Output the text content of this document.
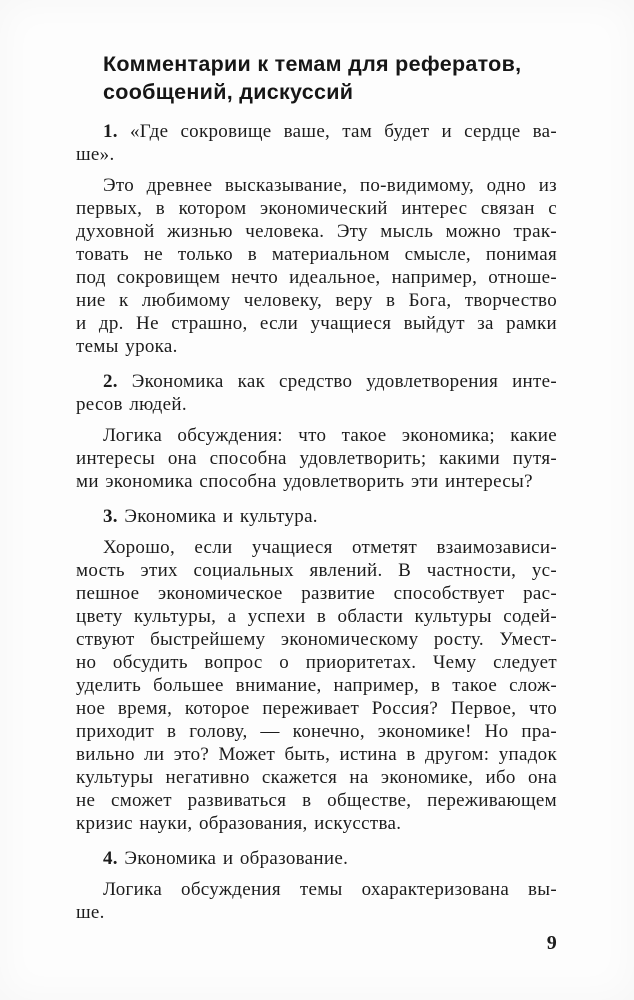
Комментарии к темам для рефератов,
сообщений, дискуссий
1. «Где сокровище ваше, там будет и сердце ва-
ше».
Это древнее высказывание, по-видимому, одно из
первых, в котором экономический интерес связан с
духовной жизнью человека. Эту мысль можно трак-
товать не только в материальном смысле, понимая
под сокровищем нечто идеальное, например, отноше-
ние к любимому человеку, веру в Бога, творчество
и др. Не страшно, если учащиеся выйдут за рамки
темы урока.
2. Экономика как средство удовлетворения инте-
ресов людей.
Логика обсуждения: что такое экономика; какие
интересы она способна удовлетворить; какими путя-
ми экономика способна удовлетворить эти интересы?
3. Экономика и культура.
Хорошо, если учащиеся отметят взаимозависи-
мость этих социальных явлений. В частности, ус-
пешное экономическое развитие способствует рас-
цвету культуры, а успехи в области культуры содей-
ствуют быстрейшему экономическому росту. Умест-
но обсудить вопрос о приоритетах. Чему следует
уделить большее внимание, например, в такое слож-
ное время, которое переживает Россия? Первое, что
приходит в голову, — конечно, экономике! Но пра-
вильно ли это? Может быть, истина в другом: упадок
культуры негативно скажется на экономике, ибо она
не сможет развиваться в обществе, переживающем
кризис науки, образования, искусства.
4. Экономика и образование.
Логика обсуждения темы охарактеризована вы-
ше.
9
